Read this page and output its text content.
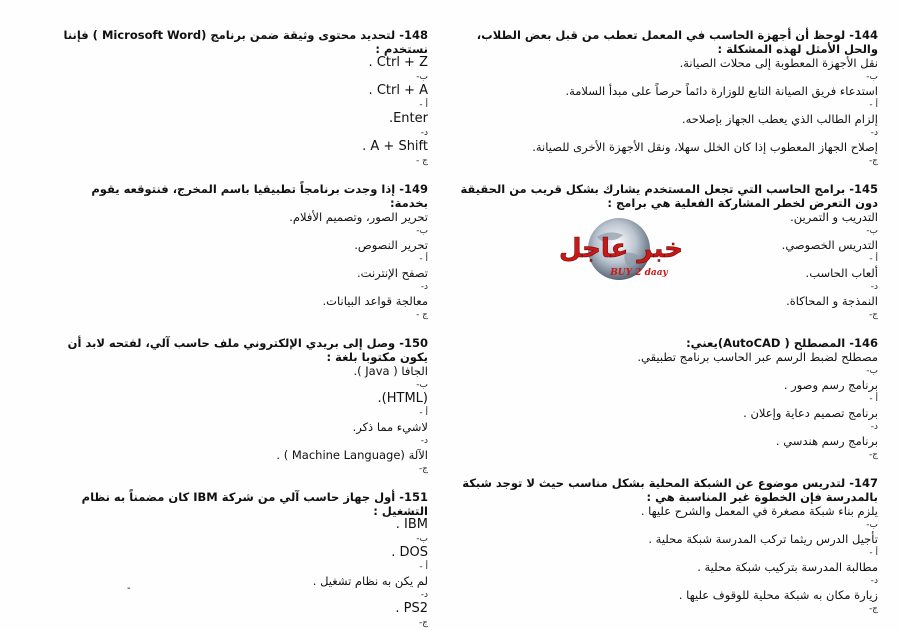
144- لوحظ أن أجهزة الحاسب في المعمل تعطب من قبل بعض الطلاب، والحل الأمثل لهذه المشكلة :
نقل الأجهزة المعطوبة إلى محلات الصيانة.
ب-
استدعاء فريق الصيانة التابع للوزارة دائماً حرصاً على مبدأ السلامة.
أ -
إلزام الطالب الذي يعطب الجهاز بإصلاحه.
د-
إصلاح الجهاز المعطوب إذا كان الخلل سهلا، ونقل الأجهزة الأخرى للصيانة.
ج-
145- برامج الحاسب التي تجعل المستخدم يشارك بشكل قريب من الحقيقة دون التعرض لخطر المشاركة الفعلية هي برامج :
التدريب و التمرين.
ب-
التدريس الخصوصي.
أ -
ألعاب الحاسب.
د-
النمذجة و المحاكاة.
ج-
146- المصطلح ( AutoCAD)يعني:
مصطلح لضبط الرسم عبر الحاسب برنامج تطبيقي.
ب-
برنامج رسم وصور .
أ -
برنامج تصميم دعاية وإعلان .
د-
برنامج رسم هندسي .
ج-
147- لتدريس موضوع عن الشبكة المحلية بشكل مناسب حيث لا توجد شبكة بالمدرسة فإن الخطوة غير المناسبة هي :
يلزم بناء شبكة مصغرة في المعمل والشرح عليها .
ب-
تأجيل الدرس ريثما تركب المدرسة شبكة محلية .
أ -
مطالبة المدرسة بتركيب شبكة محلية .
د-
زيارة مكان به شبكة محلية للوقوف عليها .
ج-
148- لتحديد محتوى وثيقة ضمن برنامج (Microsoft Word ) فإننا نستخدم :
Ctrl + Z .
ب-
Ctrl + A .
أ -
Enter.
د-
A + Shift .
ج -
149- إذا وجدت برنامجاً تطبيقيا باسم المخرج، فنتوقعه يقوم بخدمة:
تحرير الصور، وتصميم الأفلام.
ب-
تحرير النصوص.
أ -
تصفح الإنترنت.
د-
معالجة قواعد البيانات.
ج -
150- وصل إلى بريدي الإلكتروني ملف حاسب آلي، لفتحه لابد أن يكون مكتوبا بلغة :
الجافا ( Java ).
ب-
(HTML).
أ -
لاشيء مما ذكر.
د-
الآلة (Machine Language ) .
ج-
151- أول جهاز حاسب آلي من شركة IBM كان مضمناً به نظام التشغيل :
IBM .
ب-
DOS .
أ -
لم يكن به نظام تشغيل .
د-
PS2 .
ج-
خبر عاجل
BUY 2 daay
-
